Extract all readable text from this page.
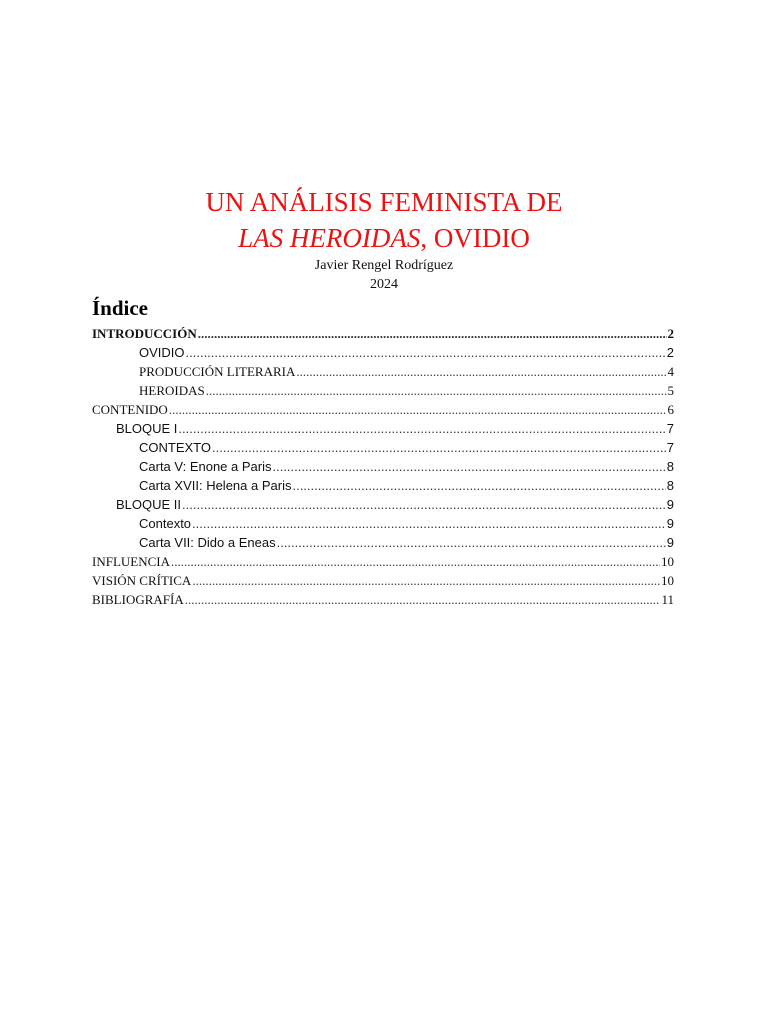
UN ANÁLISIS FEMINISTA DE
LAS HEROIDAS, OVIDIO
Javier Rengel Rodríguez
2024
Índice
INTRODUCCIÓN .....	2
OVIDIO .....	2
PRODUCCIÓN LITERARIA .....	4
HEROIDAS .....	5
CONTENIDO .....	6
BLOQUE I .....	7
CONTEXTO .....	7
Carta V: Enone a Paris .....	8
Carta XVII: Helena a Paris .....	8
BLOQUE II .....	9
Contexto .....	9
Carta VII: Dido a Eneas .....	9
INFLUENCIA .....	10
VISIÓN CRÍTICA .....	10
BIBLIOGRAFÍA .....	11
